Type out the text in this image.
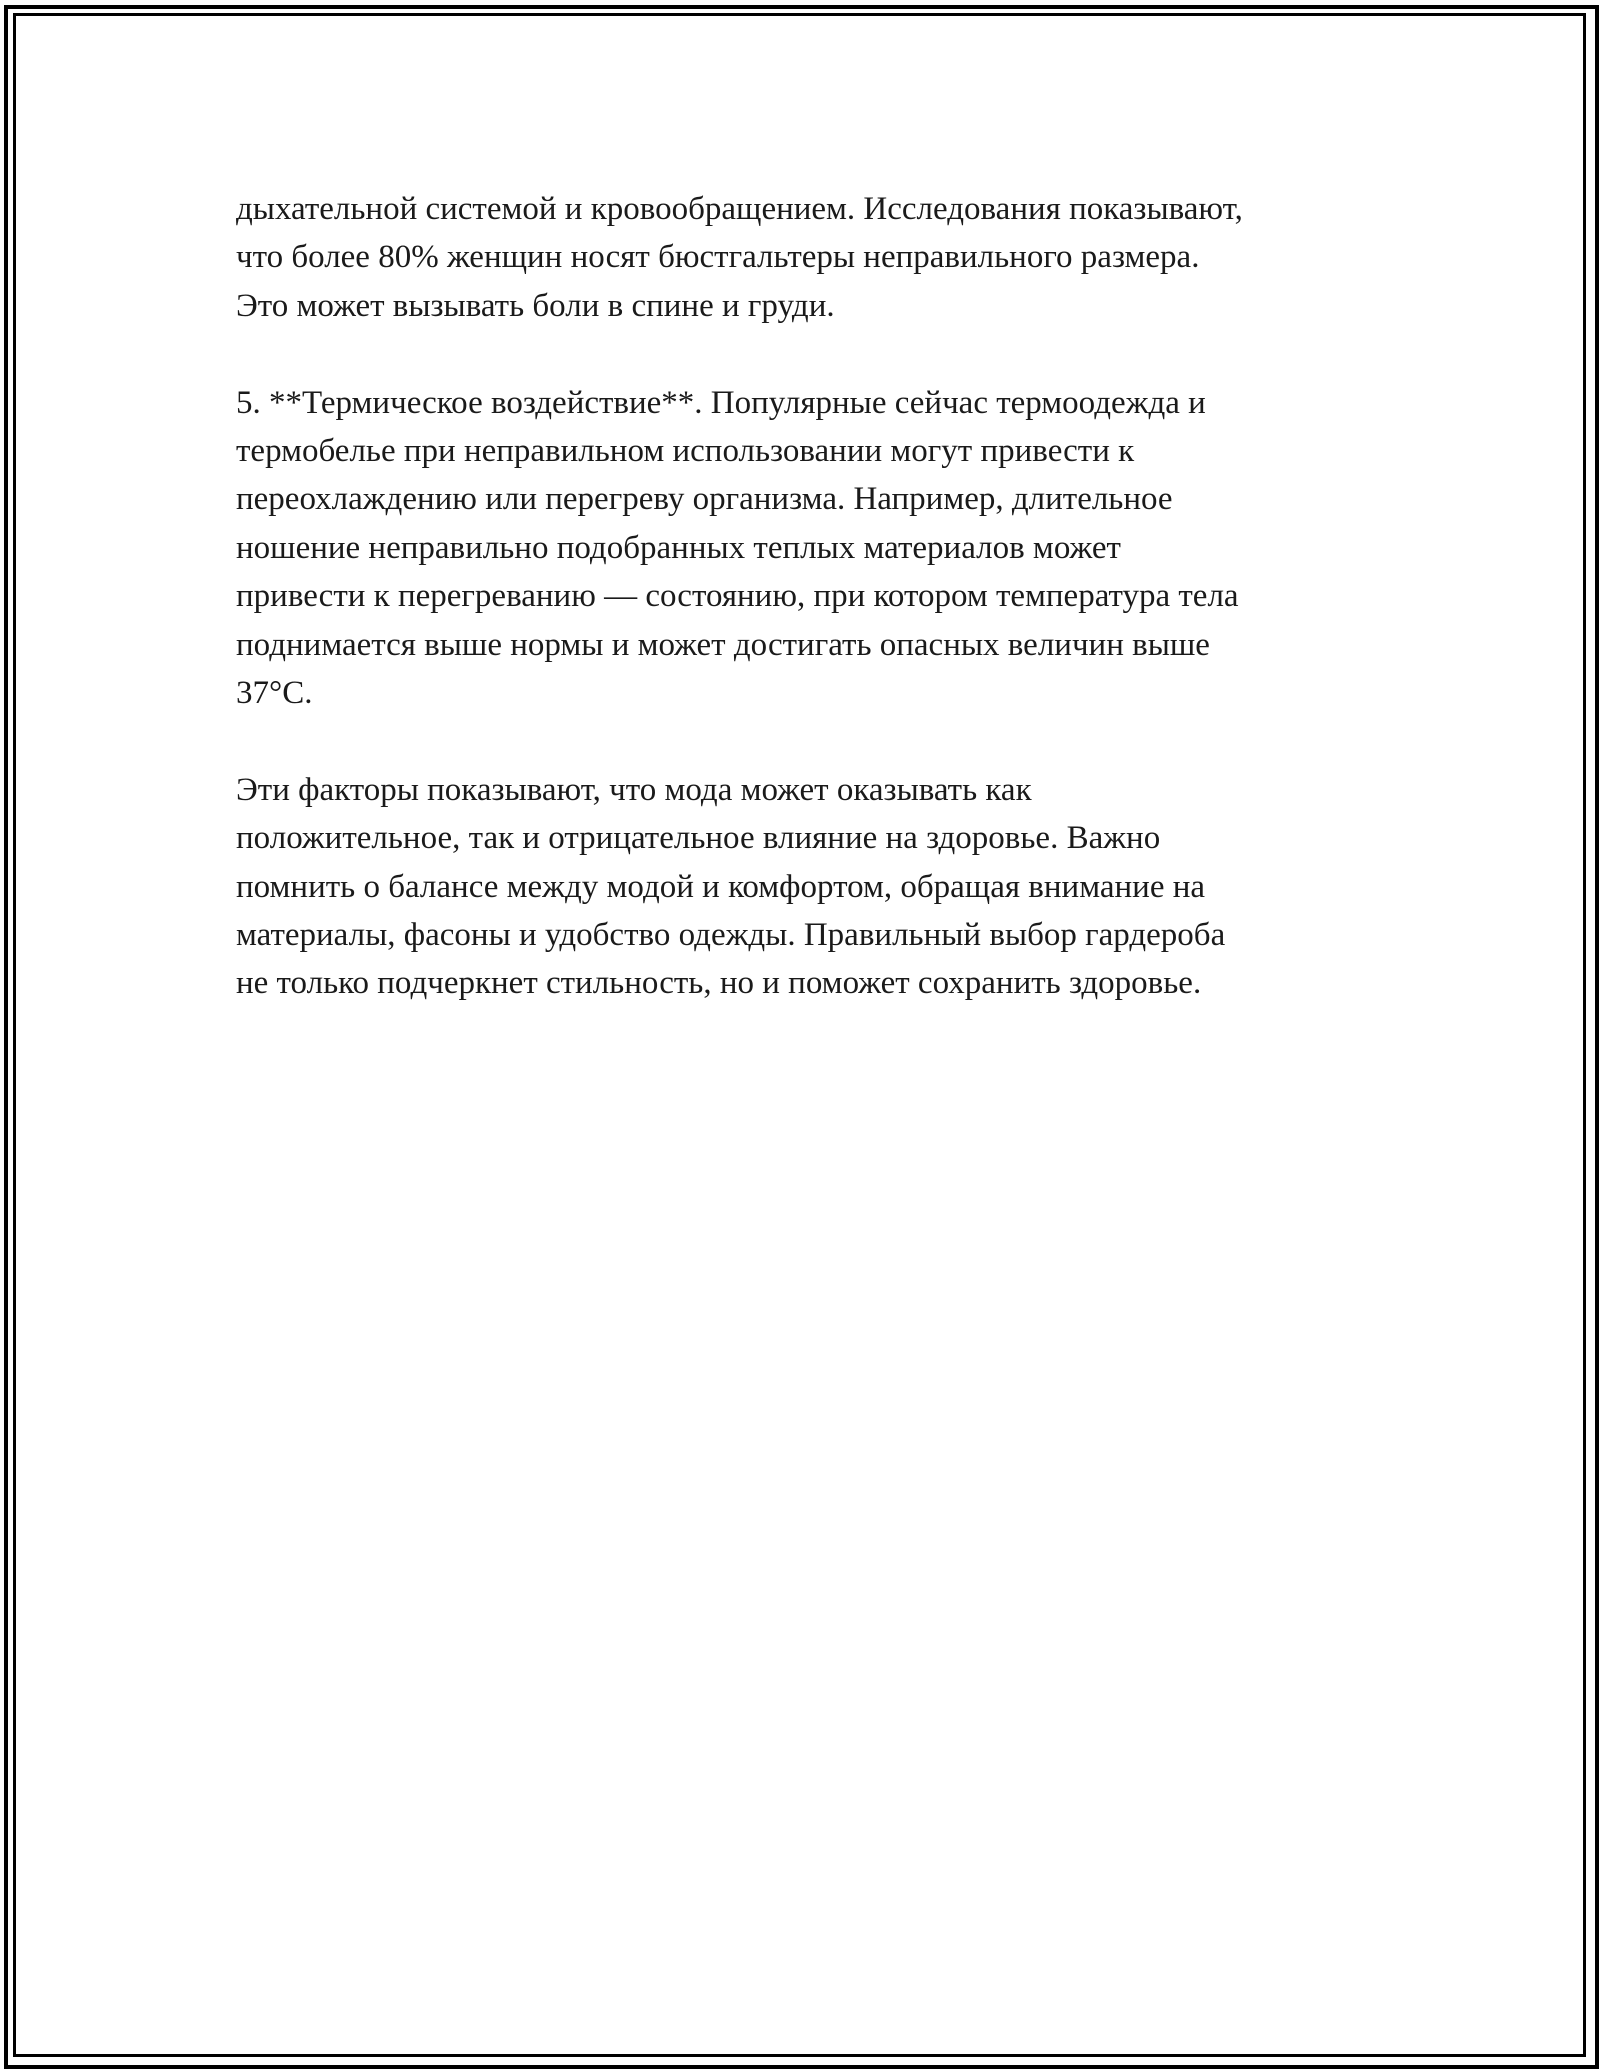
дыхательной системой и кровообращением. Исследования показывают,
что более 80% женщин носят бюстгальтеры неправильного размера.
Это может вызывать боли в спине и груди.

5. **Термическое воздействие**. Популярные сейчас термоодежда и
термобелье при неправильном использовании могут привести к
переохлаждению или перегреву организма. Например, длительное
ношение неправильно подобранных теплых материалов может
привести к перегреванию — состоянию, при котором температура тела
поднимается выше нормы и может достигать опасных величин выше
37°C.

Эти факторы показывают, что мода может оказывать как
положительное, так и отрицательное влияние на здоровье. Важно
помнить о балансе между модой и комфортом, обращая внимание на
материалы, фасоны и удобство одежды. Правильный выбор гардероба
не только подчеркнет стильность, но и поможет сохранить здоровье.
